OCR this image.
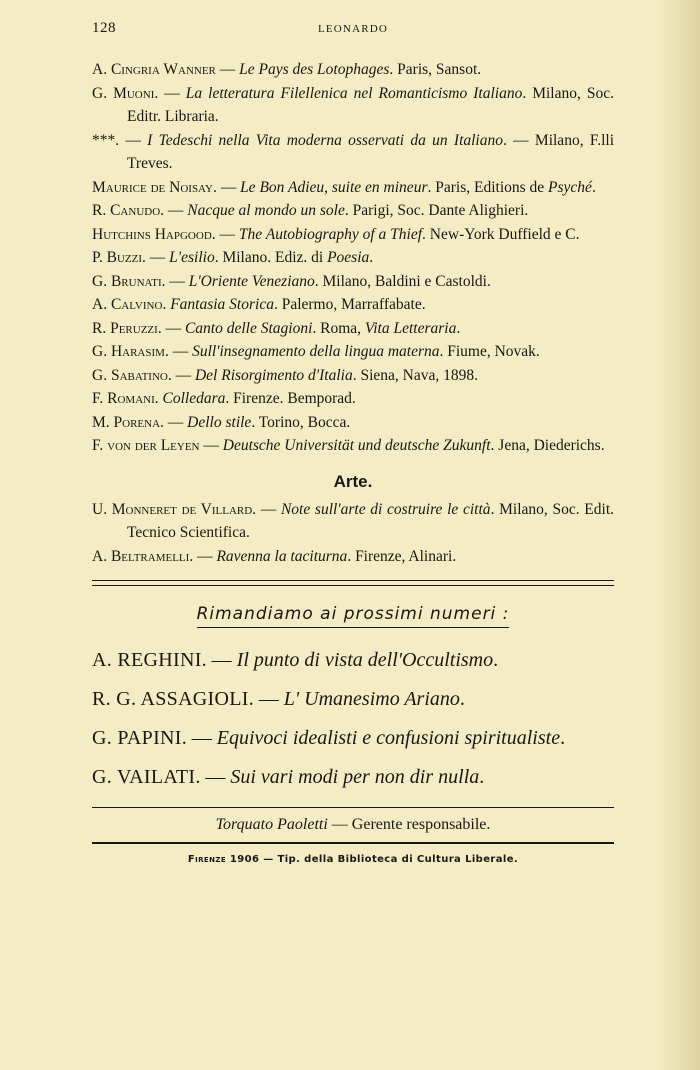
128	LEONARDO
A. Cingria Wanner — Le Pays des Lotophages. Paris, Sansot.
G. Muoni. — La letteratura Filellenica nel Romanticismo Italiano. Milano, Soc. Editr. Libraria.
***. — I Tedeschi nella Vita moderna osservati da un Italiano. — Milano, F.lli Treves.
Maurice de Noisay. — Le Bon Adieu, suite en mineur. Paris, Editions de Psyché.
R. Canudo. — Nacque al mondo un sole. Parigi, Soc. Dante Alighieri.
Hutchins Hapgood. — The Autobiography of a Thief. New-York Duffield e C.
P. Buzzi. — L'esilio. Milano. Ediz. di Poesia.
G. Brunati. — L'Oriente Veneziano. Milano, Baldini e Castoldi.
A. Calvino. Fantasia Storica. Palermo, Marraffabate.
R. Peruzzi. — Canto delle Stagioni. Roma, Vita Letteraria.
G. Harasim. — Sull'insegnamento della lingua materna. Fiume, Novak.
G. Sabatino. — Del Risorgimento d'Italia. Siena, Nava, 1898.
F. Romani. Colledara. Firenze. Bemporad.
M. Porena. — Dello stile. Torino, Bocca.
F. von der Leyen — Deutsche Universität und deutsche Zukunft. Jena, Diederichs.
Arte.
U. Monneret de Villard. — Note sull'arte di costruire le città. Milano, Soc. Edit. Tecnico Scientifica.
A. Beltramelli. — Ravenna la taciturna. Firenze, Alinari.
Rimandiamo ai prossimi numeri :
A. REGHINI. — Il punto di vista dell'Occultismo.
R. G. ASSAGIOLI. — L' Umanesimo Ariano.
G. PAPINI. — Equivoci idealisti e confusioni spiritualiste.
G. VAILATI. — Sui vari modi per non dir nulla.
Torquato Paoletti — Gerente responsabile.
Firenze 1906 — Tip. della Biblioteca di Cultura Liberale.
